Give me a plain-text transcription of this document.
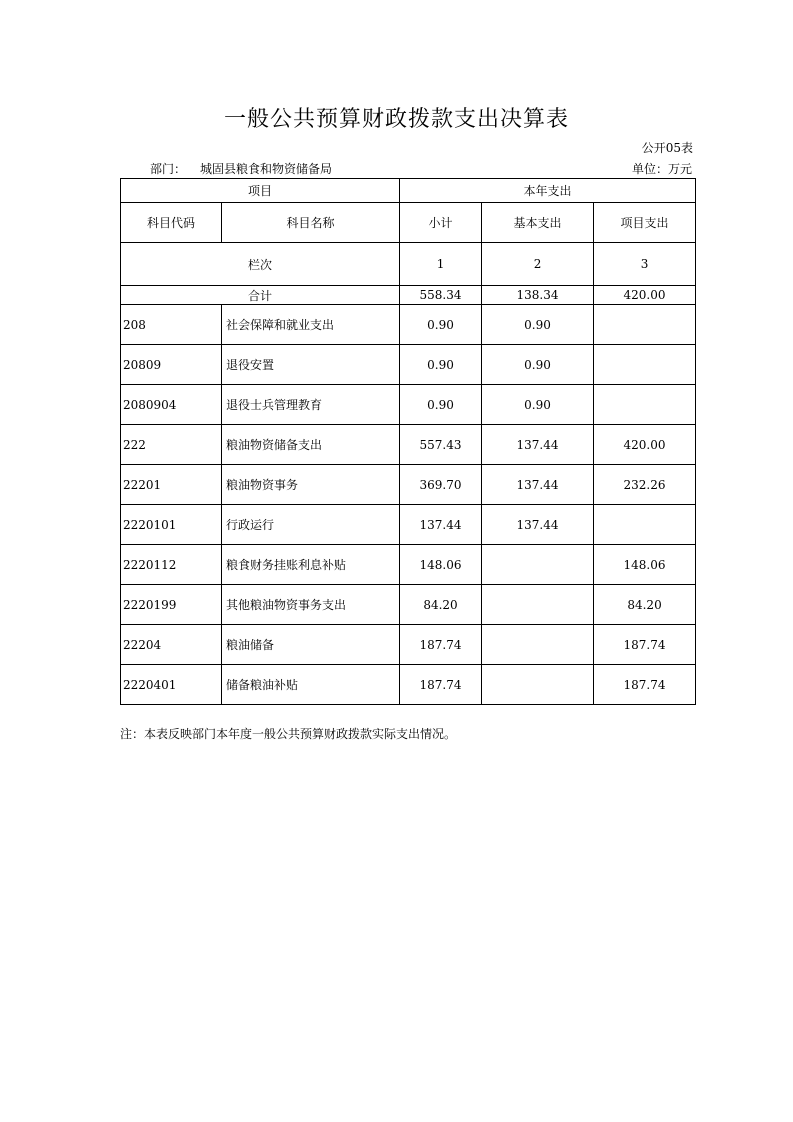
一般公共预算财政拨款支出决算表
公开05表
部门： 城固县粮食和物资储备局	单位：万元
项目		本年支出		
科目代码	科目名称	小计	基本支出	项目支出
栏次		1	2	3
合计		558.34	138.34	420.00
208	社会保障和就业支出	0.90	0.90	
20809	退役安置	0.90	0.90	
2080904	退役士兵管理教育	0.90	0.90	
222	粮油物资储备支出	557.43	137.44	420.00
22201	粮油物资事务	369.70	137.44	232.26
2220101	行政运行	137.44	137.44	
2220112	粮食财务挂账利息补贴	148.06		148.06
2220199	其他粮油物资事务支出	84.20		84.20
22204	粮油储备	187.74		187.74
2220401	储备粮油补贴	187.74		187.74
注：本表反映部门本年度一般公共预算财政拨款实际支出情况。
